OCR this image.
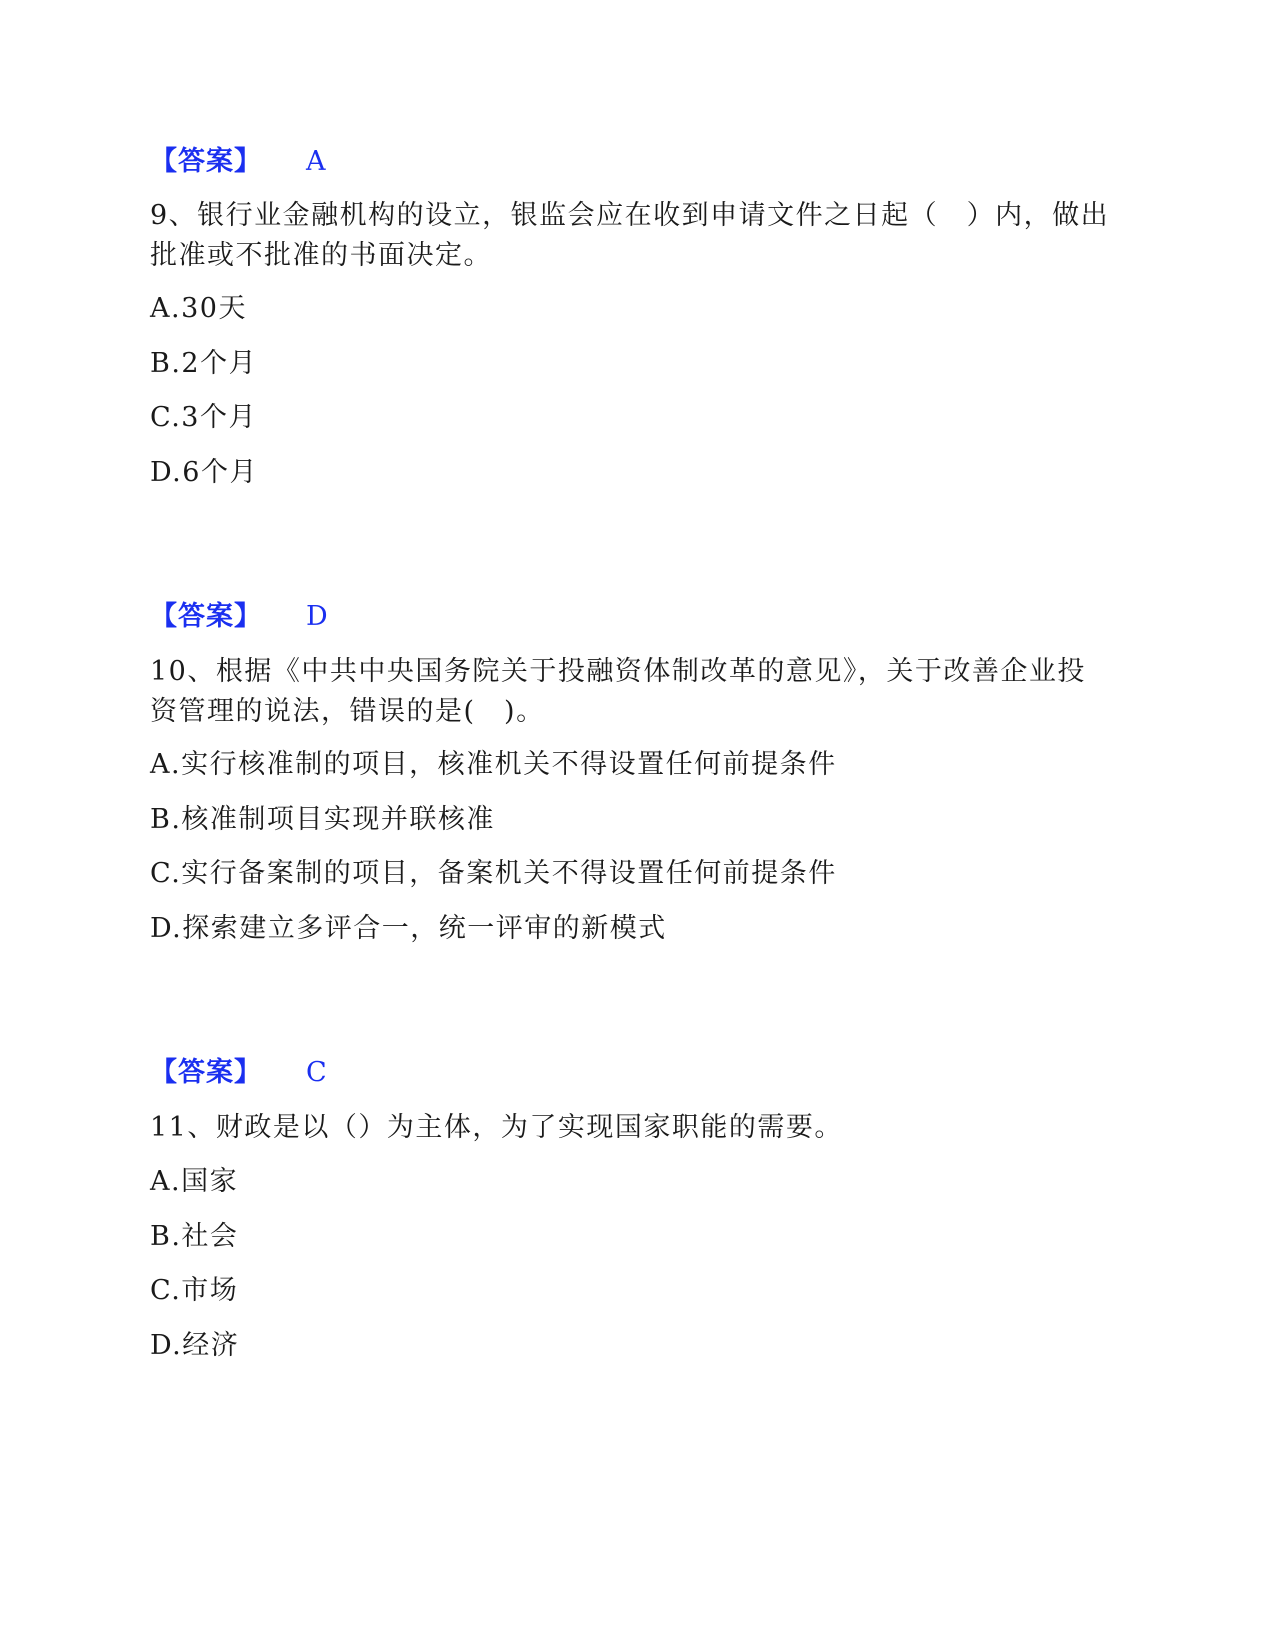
【答案】 A
9、银行业金融机构的设立，银监会应在收到申请文件之日起（　）内，做出批准或不批准的书面决定。
A.30天
B.2个月
C.3个月
D.6个月
【答案】 D
10、根据《中共中央国务院关于投融资体制改革的意见》，关于改善企业投资管理的说法，错误的是(　)。
A.实行核准制的项目，核准机关不得设置任何前提条件
B.核准制项目实现并联核准
C.实行备案制的项目，备案机关不得设置任何前提条件
D.探索建立多评合一，统一评审的新模式
【答案】 C
11、财政是以（）为主体，为了实现国家职能的需要。
A.国家
B.社会
C.市场
D.经济
